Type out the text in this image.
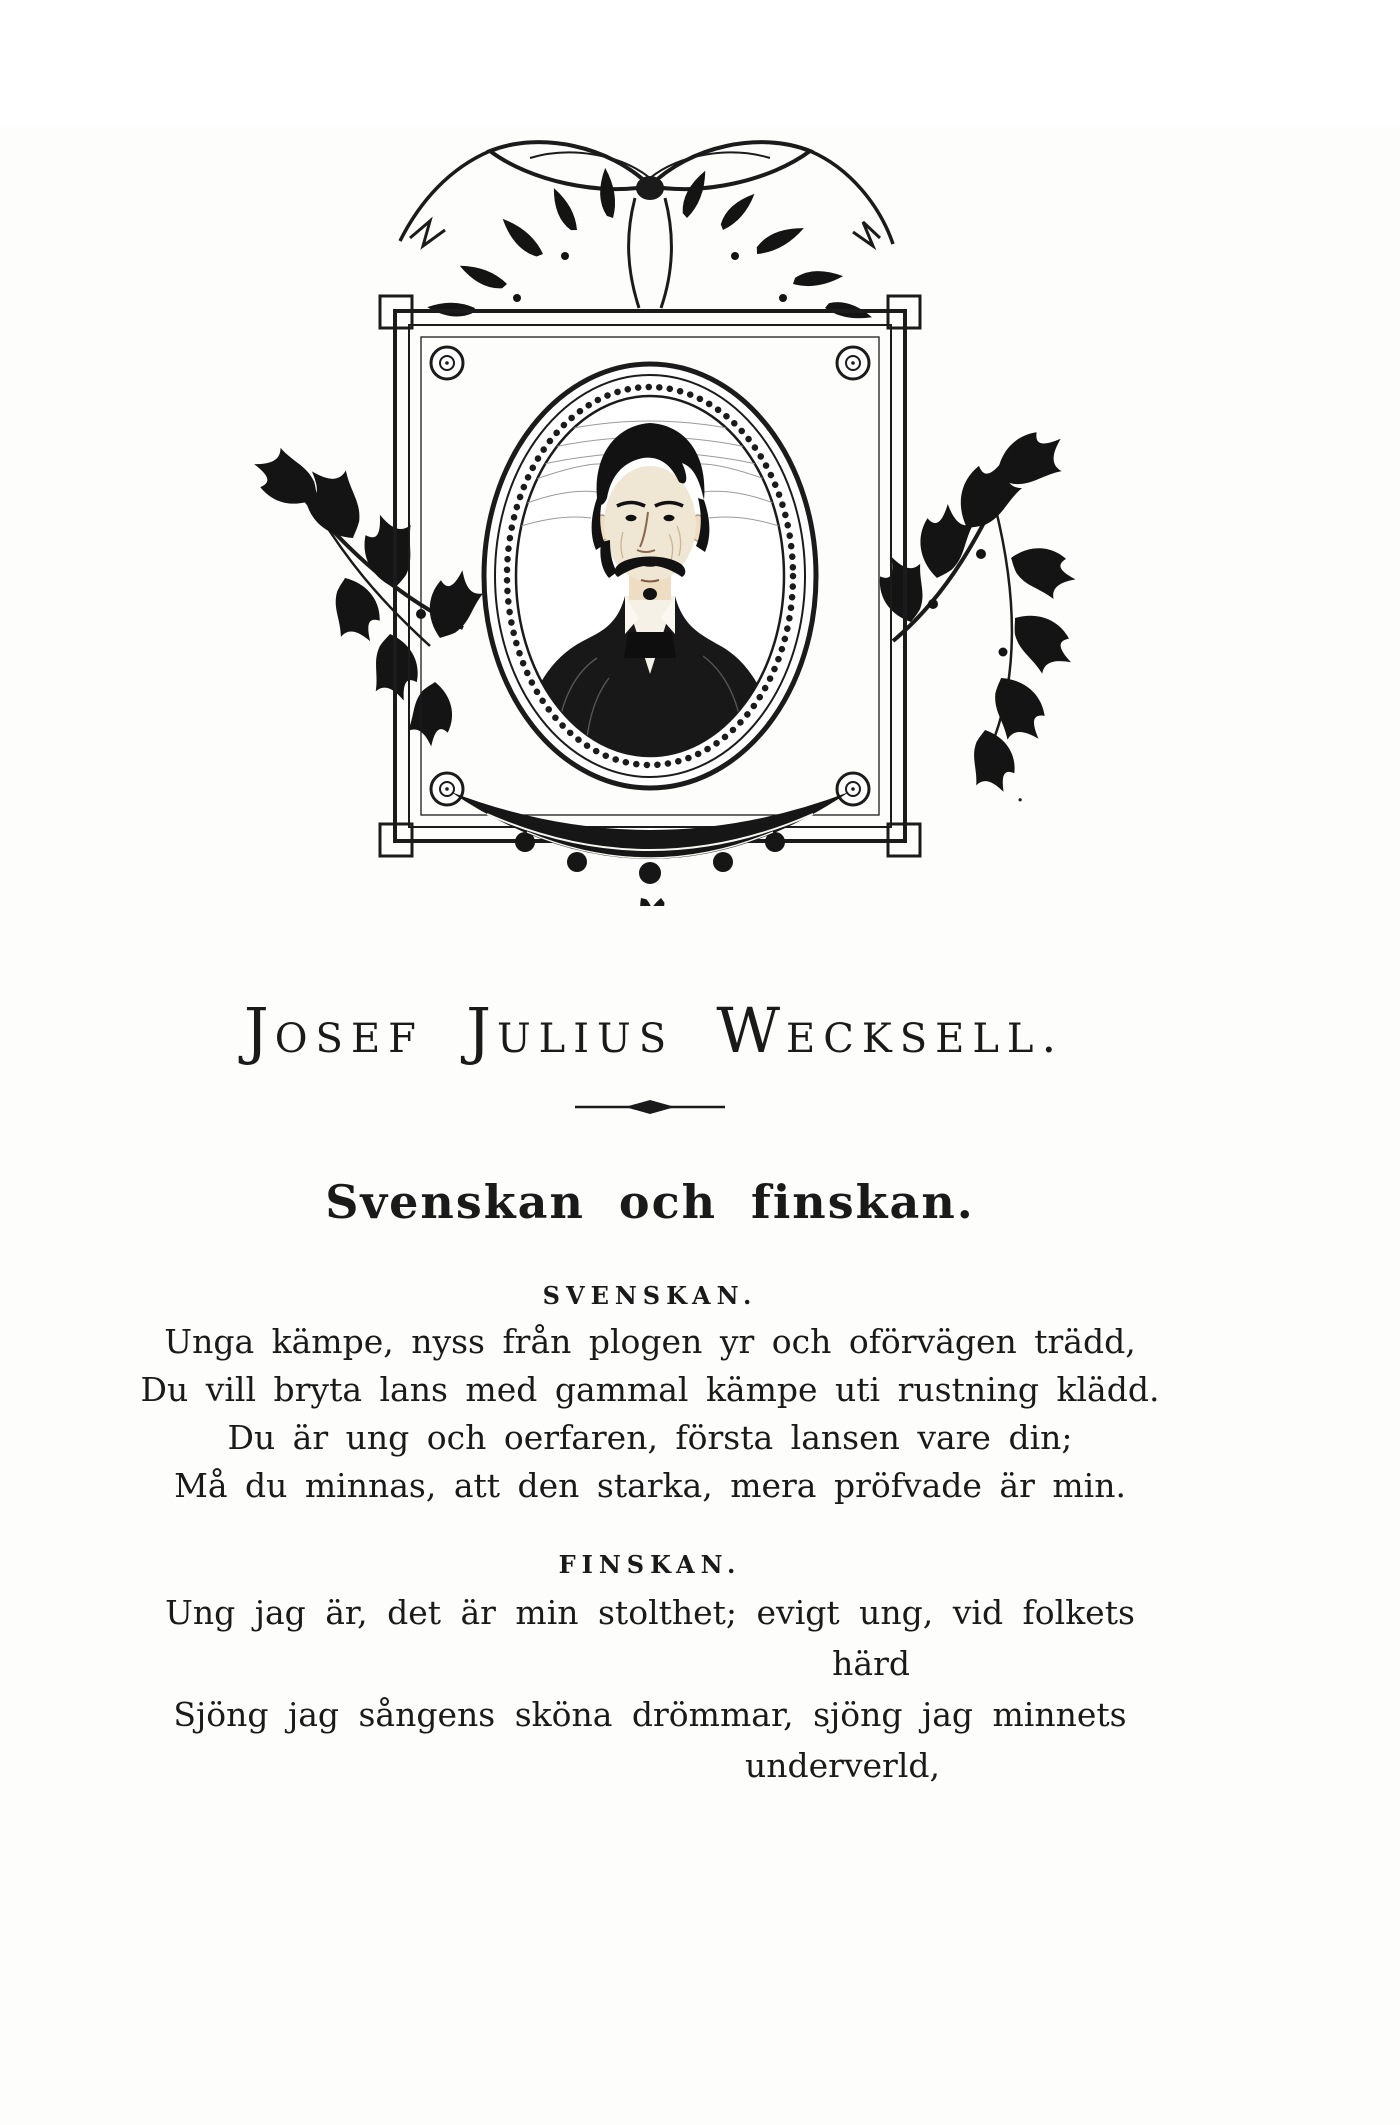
JOSEF JULIUS WECKSELL.
Svenskan och finskan.
SVENSKAN.
Unga kämpe, nyss från plogen yr och oförvägen trädd,
Du vill bryta lans med gammal kämpe uti rustning klädd.
Du är ung och oerfaren, första lansen vare din;
Må du minnas, att den starka, mera pröfvade är min.
FINSKAN.
Ung jag är, det är min stolthet; evigt ung, vid folkets
härd
Sjöng jag sångens sköna drömmar, sjöng jag minnets
underverld,
.
